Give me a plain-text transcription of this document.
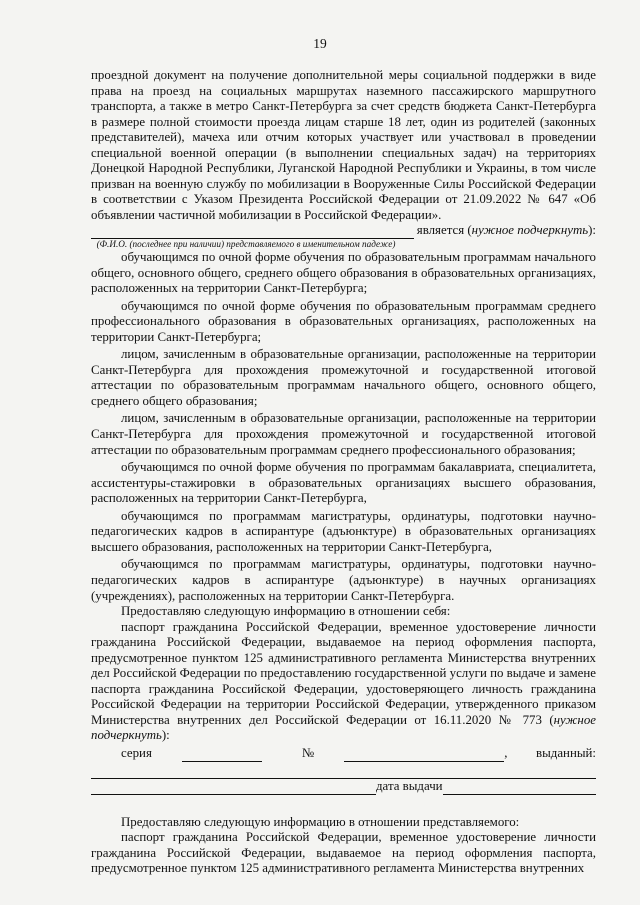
19

проездной документ на получение дополнительной меры социальной поддержки в виде права на проезд на социальных маршрутах наземного пассажирского маршрутного транспорта, а также в метро Санкт-Петербурга за счет средств бюджета Санкт-Петербурга в размере полной стоимости проезда лицам старше 18 лет, один из родителей (законных представителей), мачеха или отчим которых участвует или участвовал в проведении специальной военной операции (в выполнении специальных задач) на территориях Донецкой Народной Республики, Луганской Народной Республики и Украины, в том числе призван на военную службу по мобилизации в Вооруженные Силы Российской Федерации в соответствии с Указом Президента Российской Федерации от 21.09.2022 № 647 «Об объявлении частичной мобилизации в Российской Федерации».

является (нужное подчеркнуть):
(Ф.И.О. (последнее при наличии) представляемого в именительном падеже)

обучающимся по очной форме обучения по образовательным программам начального общего, основного общего, среднего общего образования в образовательных организациях, расположенных на территории Санкт-Петербурга;

обучающимся по очной форме обучения по образовательным программам среднего профессионального образования в образовательных организациях, расположенных на территории Санкт-Петербурга;

лицом, зачисленным в образовательные организации, расположенные на территории Санкт-Петербурга для прохождения промежуточной и государственной итоговой аттестации по образовательным программам начального общего, основного общего, среднего общего образования;

лицом, зачисленным в образовательные организации, расположенные на территории Санкт-Петербурга для прохождения промежуточной и государственной итоговой аттестации по образовательным программам среднего профессионального образования;

обучающимся по очной форме обучения по программам бакалавриата, специалитета, ассистентуры-стажировки в образовательных организациях высшего образования, расположенных на территории Санкт-Петербурга,

обучающимся по программам магистратуры, ординатуры, подготовки научно-педагогических кадров в аспирантуре (адъюнктуре) в образовательных организациях высшего образования, расположенных на территории Санкт-Петербурга,

обучающимся по программам магистратуры, ординатуры, подготовки научно-педагогических кадров в аспирантуре (адъюнктуре) в научных организациях (учреждениях), расположенных на территории Санкт-Петербурга.

Предоставляю следующую информацию в отношении себя:

паспорт гражданина Российской Федерации, временное удостоверение личности гражданина Российской Федерации, выдаваемое на период оформления паспорта, предусмотренное пунктом 125 административного регламента Министерства внутренних дел Российской Федерации по предоставлению государственной услуги по выдаче и замене паспорта гражданина Российской Федерации, удостоверяющего личность гражданина Российской Федерации на территории Российской Федерации, утвержденного приказом Министерства внутренних дел Российской Федерации от 16.11.2020 № 773 (нужное подчеркнуть):

серия	№	, выданный:
дата выдачи

Предоставляю следующую информацию в отношении представляемого:

паспорт гражданина Российской Федерации, временное удостоверение личности гражданина Российской Федерации, выдаваемое на период оформления паспорта, предусмотренное пунктом 125 административного регламента Министерства внутренних
